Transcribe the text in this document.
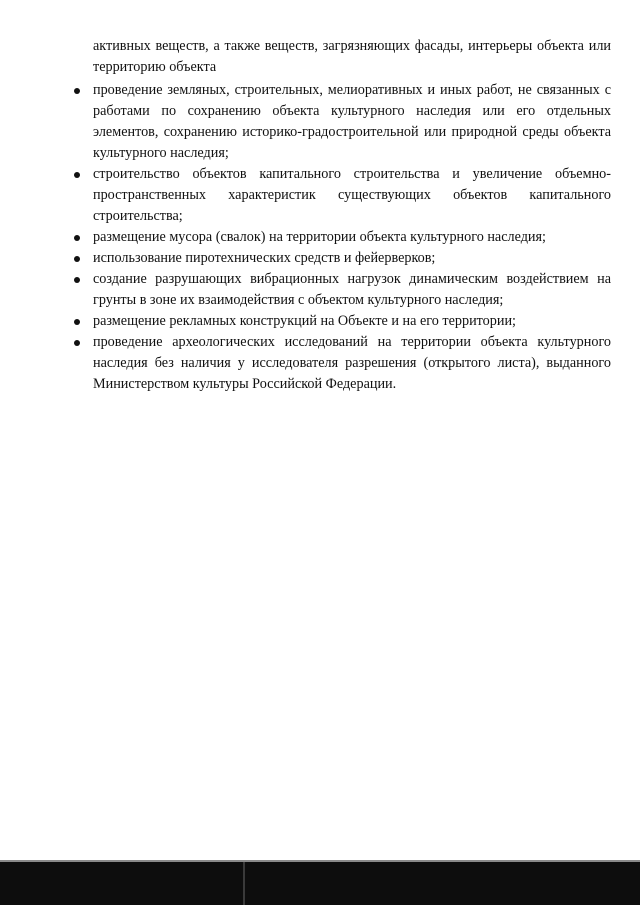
активных веществ, а также веществ, загрязняющих фасады, интерьеры объекта или территорию объекта

проведение земляных, строительных, мелиоративных и иных работ, не связанных с работами по сохранению объекта культурного наследия или его отдельных элементов, сохранению историко-градостроительной или природной среды объекта культурного наследия;
строительство объектов капитального строительства и увеличение объемно-пространственных характеристик существующих объектов капитального строительства;
размещение мусора (свалок) на территории объекта культурного наследия;
использование пиротехнических средств и фейерверков;
создание разрушающих вибрационных нагрузок динамическим воздействием на грунты в зоне их взаимодействия с объектом культурного наследия;
размещение рекламных конструкций на Объекте и на его территории;
проведение археологических исследований на территории объекта культурного наследия без наличия у исследователя разрешения (открытого листа), выданного Министерством культуры Российской Федерации.
